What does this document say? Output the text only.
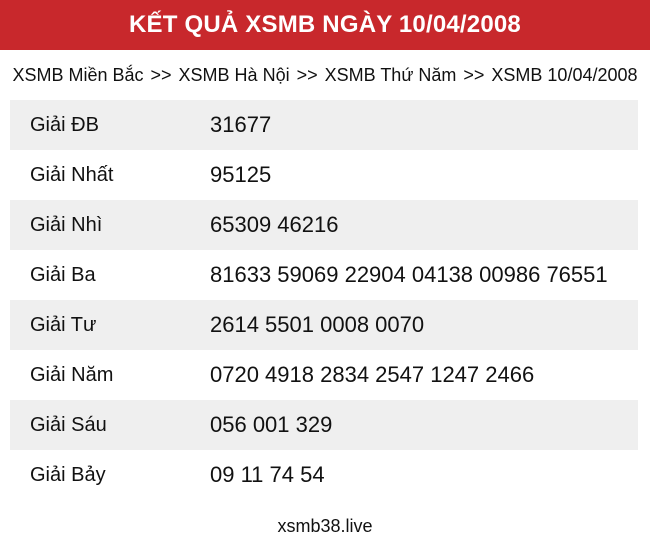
KẾT QUẢ XSMB NGÀY 10/04/2008
XSMB Miền Bắc >> XSMB Hà Nội >> XSMB Thứ Năm >> XSMB 10/04/2008
Giải ĐB	31677
Giải Nhất	95125
Giải Nhì	65309 46216
Giải Ba	81633 59069 22904 04138 00986 76551
Giải Tư	2614 5501 0008 0070
Giải Năm	0720 4918 2834 2547 1247 2466
Giải Sáu	056 001 329
Giải Bảy	09 11 74 54
xsmb38.live
